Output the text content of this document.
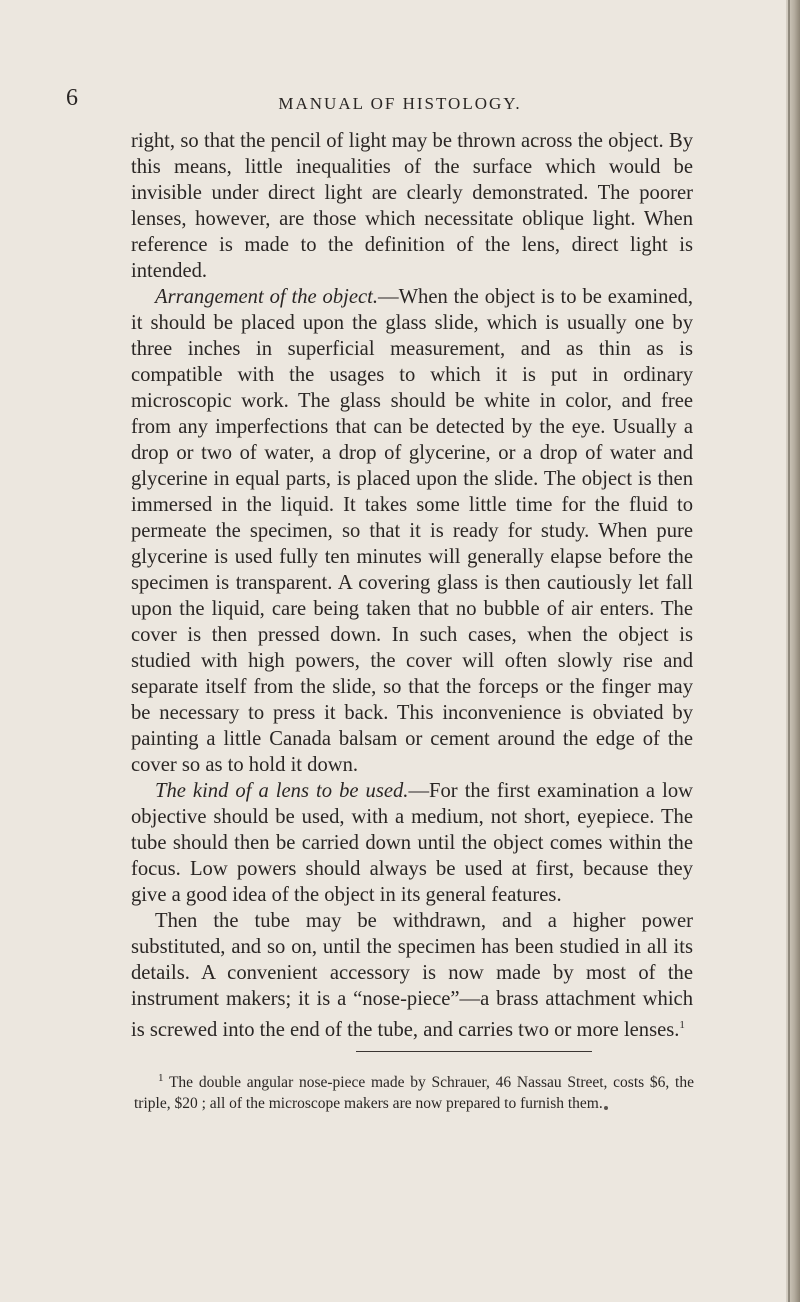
6	MANUAL OF HISTOLOGY.

right, so that the pencil of light may be thrown across the object. By this means, little inequalities of the surface which would be invisible under direct light are clearly demonstrated. The poorer lenses, however, are those which necessitate oblique light. When reference is made to the definition of the lens, direct light is intended.

Arrangement of the object.—When the object is to be examined, it should be placed upon the glass slide, which is usually one by three inches in superficial measurement, and as thin as is compatible with the usages to which it is put in ordinary microscopic work. The glass should be white in color, and free from any imperfections that can be detected by the eye. Usually a drop or two of water, a drop of glycerine, or a drop of water and glycerine in equal parts, is placed upon the slide. The object is then immersed in the liquid. It takes some little time for the fluid to permeate the specimen, so that it is ready for study. When pure glycerine is used fully ten minutes will generally elapse before the specimen is transparent. A covering glass is then cautiously let fall upon the liquid, care being taken that no bubble of air enters. The cover is then pressed down. In such cases, when the object is studied with high powers, the cover will often slowly rise and separate itself from the slide, so that the forceps or the finger may be necessary to press it back. This inconvenience is obviated by painting a little Canada balsam or cement around the edge of the cover so as to hold it down.

The kind of a lens to be used.—For the first examination a low objective should be used, with a medium, not short, eyepiece. The tube should then be carried down until the object comes within the focus. Low powers should always be used at first, because they give a good idea of the object in its general features.

Then the tube may be withdrawn, and a higher power substituted, and so on, until the specimen has been studied in all its details. A convenient accessory is now made by most of the instrument makers; it is a “nose-piece”—a brass attachment which is screwed into the end of the tube, and carries two or more lenses.$^1$

$^1$ The double angular nose-piece made by Schrauer, 46 Nassau Street, costs $6, the triple, $20 ; all of the microscope makers are now prepared to furnish them.
